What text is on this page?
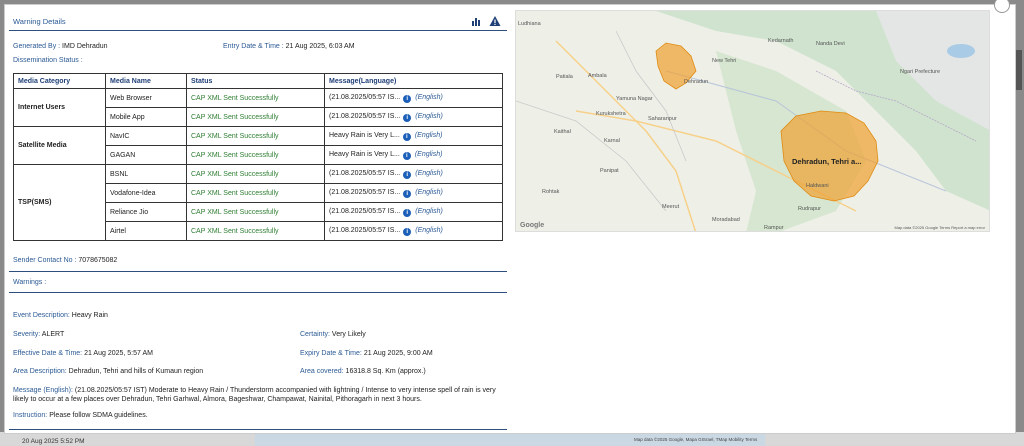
20 Aug 2025 5:52 PM	Map data ©2025 Google, Mapa GISrael, TMap Mobility Terms
Warning Details
Generated By : IMD Dehradun	Entry Date & Time : 21 Aug 2025, 6:03 AM
Dissemination Status :
Media Category	Media Name	Status	Message(Language)
Internet Users	Web Browser	CAP XML Sent Successfully	(21.08.2025/05:57 IS... i (English)
	Mobile App	CAP XML Sent Successfully	(21.08.2025/05:57 IS... i (English)
Satellite Media	NavIC	CAP XML Sent Successfully	Heavy Rain is Very L... i (English)
	GAGAN	CAP XML Sent Successfully	Heavy Rain is Very L... i (English)
TSP(SMS)	BSNL	CAP XML Sent Successfully	(21.08.2025/05:57 IS... i (English)
	Vodafone-Idea	CAP XML Sent Successfully	(21.08.2025/05:57 IS... i (English)
	Reliance Jio	CAP XML Sent Successfully	(21.08.2025/05:57 IS... i (English)
	Airtel	CAP XML Sent Successfully	(21.08.2025/05:57 IS... i (English)
Sender Contact No : 7078675082
Warnings :
Event Description: Heavy Rain
Severity: ALERT	Certainty: Very Likely
Effective Date & Time: 21 Aug 2025, 5:57 AM	Expiry Date & Time: 21 Aug 2025, 9:00 AM
Area Description: Dehradun, Tehri and hills of Kumaun region	Area covered: 16318.8 Sq. Km (approx.)
Message (English): (21.08.2025/05:57 IST) Moderate to Heavy Rain / Thunderstorm accompanied with lightning / Intense to very intense spell of rain is very
likely to occur at a few places over Dehradun, Tehri Garhwal, Almora, Bageshwar, Champawat, Nainital, Pithoragarh in next 3 hours.
Instruction: Please follow SDMA guidelines.
Ludhiana
Patiala	Ambala
Yamuna Nagar
Kurukshetra
Kaithal
Karnal
Panipat
Saharanpur
Rohtak
Meerut
Moradabad
Rudrapur
Haldwani
Kedarnath	Nanda Devi
Ngari Prefecture
New Tehri
Dehradun
Rampur
Dehradun, Tehri a...
Google	Map data ©2025 Google Terms Report a map error
